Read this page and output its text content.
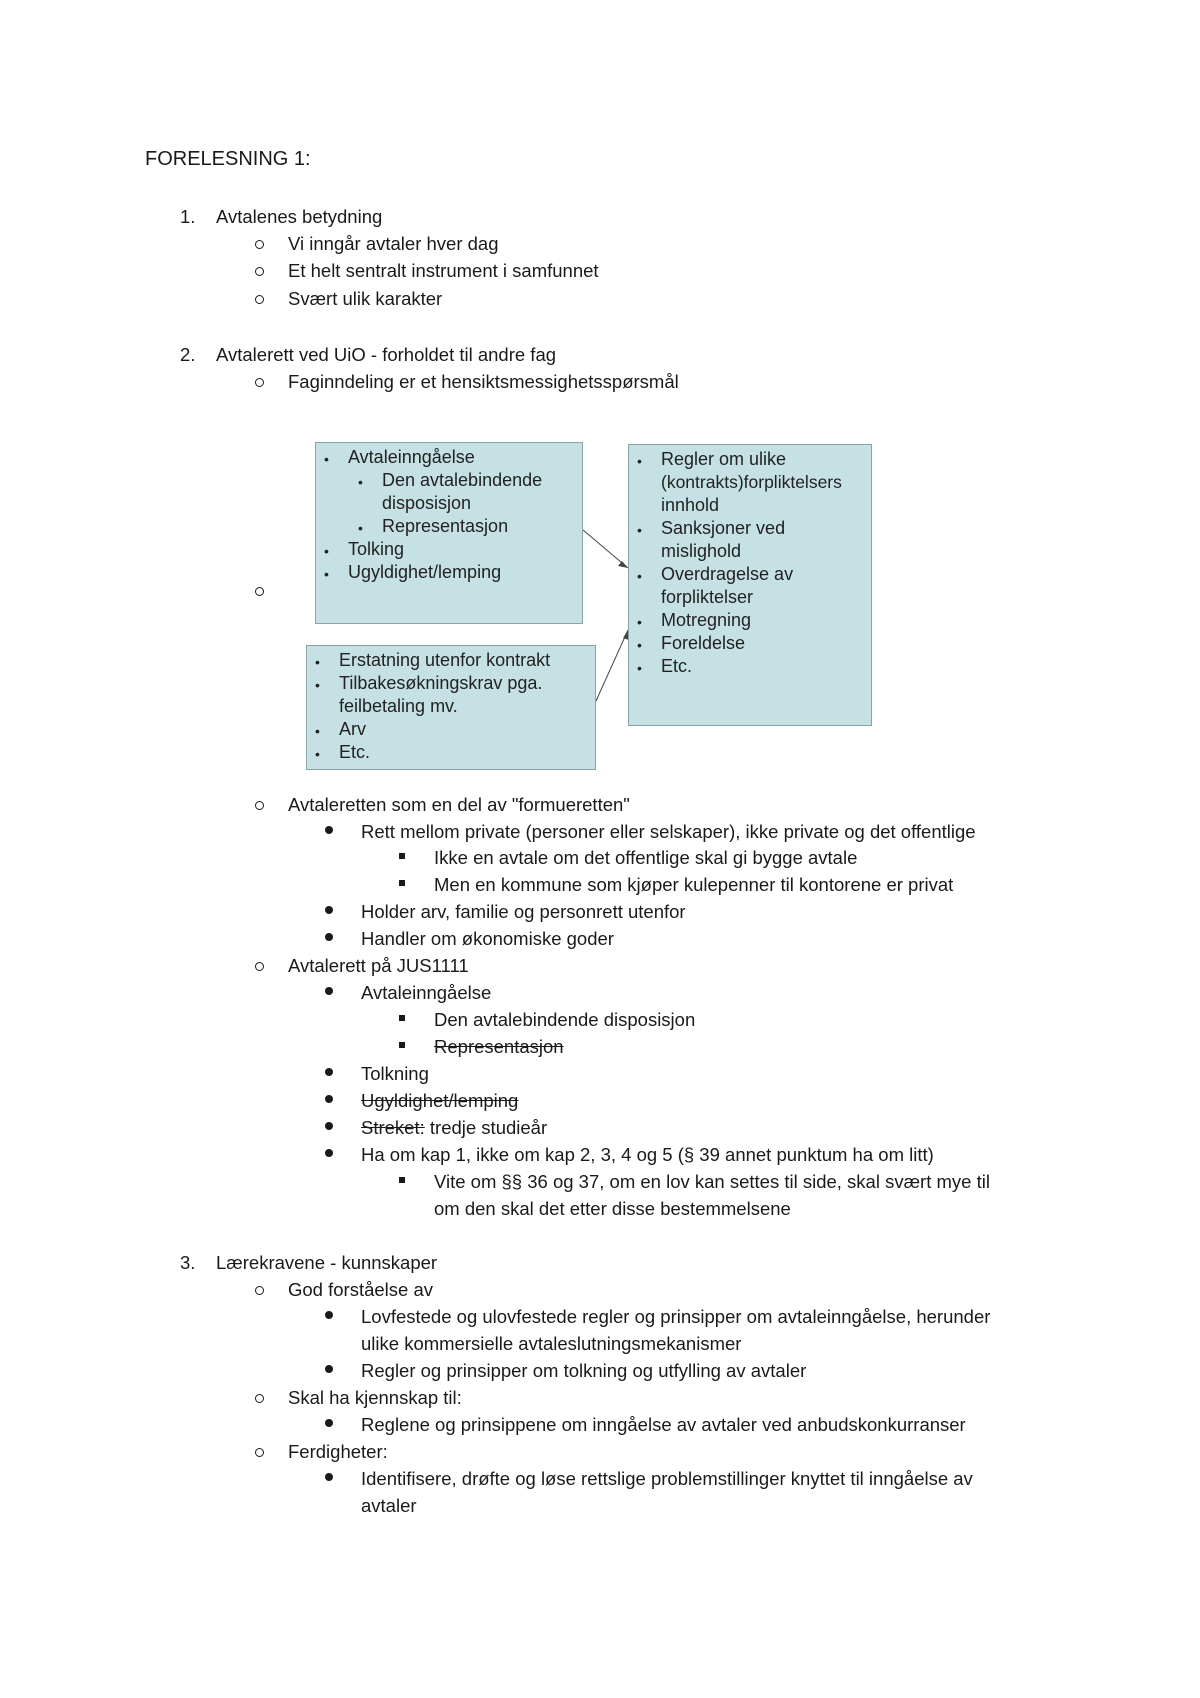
FORELESNING 1:
1. Avtalenes betydning
Vi inngår avtaler hver dag
Et helt sentralt instrument i samfunnet
Svært ulik karakter
2. Avtalerett ved UiO - forholdet til andre fag
Faginndeling er et hensiktsmessighetsspørsmål
• Avtaleinngåelse
• Den avtalebindende
disposisjon
• Representasjon
• Tolking
• Ugyldighet/lemping
• Erstatning utenfor kontrakt
• Tilbakesøkningskrav pga.
feilbetaling mv.
• Arv
• Etc.
• Regler om ulike
(kontrakts)forpliktelsers
innhold
• Sanksjoner ved
mislighold
• Overdragelse av
forpliktelser
• Motregning
• Foreldelse
• Etc.
Avtaleretten som en del av "formueretten"
Rett mellom private (personer eller selskaper), ikke private og det offentlige
Ikke en avtale om det offentlige skal gi bygge avtale
Men en kommune som kjøper kulepenner til kontorene er privat
Holder arv, familie og personrett utenfor
Handler om økonomiske goder
Avtalerett på JUS1111
Avtaleinngåelse
Den avtalebindende disposisjon
Representasjon
Tolkning
Ugyldighet/lemping
Streket: tredje studieår
Ha om kap 1, ikke om kap 2, 3, 4 og 5 (§ 39 annet punktum ha om litt)
Vite om §§ 36 og 37, om en lov kan settes til side, skal svært mye til
om den skal det etter disse bestemmelsene
3. Lærekravene - kunnskaper
God forståelse av
Lovfestede og ulovfestede regler og prinsipper om avtaleinngåelse, herunder
ulike kommersielle avtaleslutningsmekanismer
Regler og prinsipper om tolkning og utfylling av avtaler
Skal ha kjennskap til:
Reglene og prinsippene om inngåelse av avtaler ved anbudskonkurranser
Ferdigheter:
Identifisere, drøfte og løse rettslige problemstillinger knyttet til inngåelse av
avtaler
